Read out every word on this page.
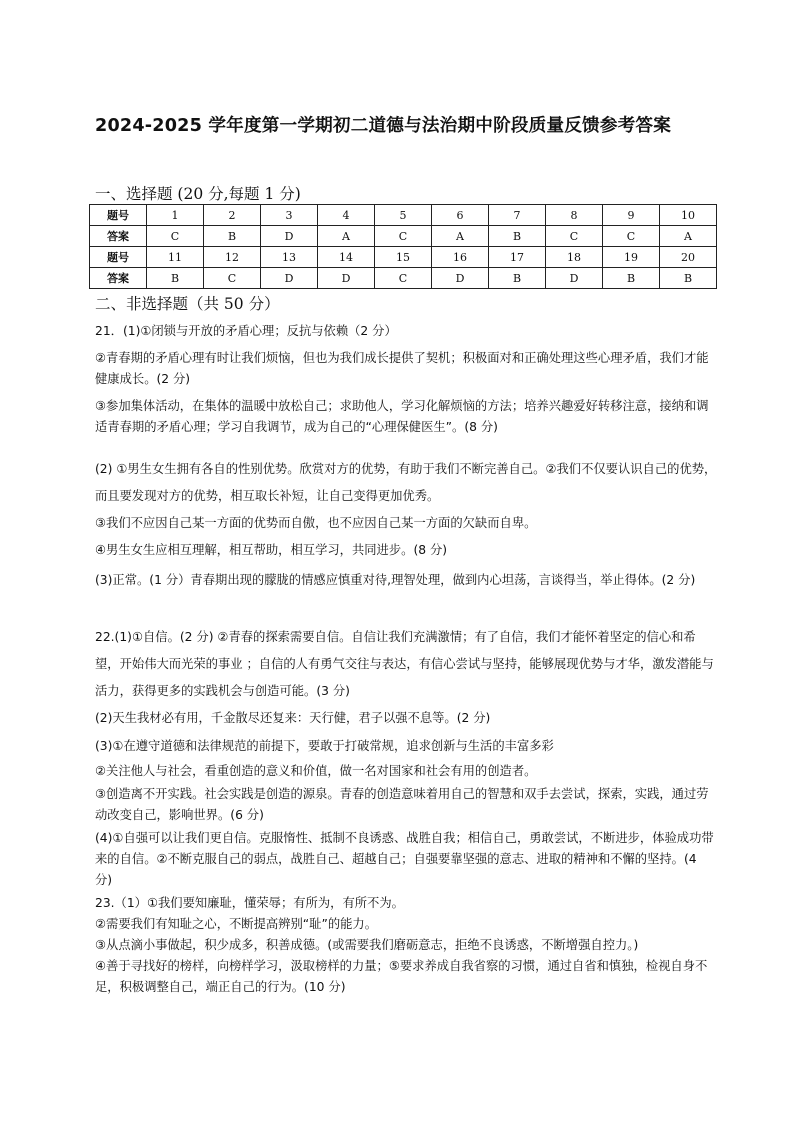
2024-2025 学年度第一学期初二道德与法治期中阶段质量反馈参考答案
一、选择题 (20 分,每题 1 分)
题号	1	2	3	4	5	6	7	8	9	10
答案	C	B	D	A	C	A	B	C	C	A
题号	11	12	13	14	15	16	17	18	19	20
答案	B	C	D	D	C	D	B	D	B	B
二、非选择题（共 50 分）

21．(1)①闭锁与开放的矛盾心理；反抗与依赖（2 分）

②青春期的矛盾心理有时让我们烦恼，但也为我们成长提供了契机；积极面对和正确处理这些心理矛盾，我们才能健康成长。(2 分)

③参加集体活动，在集体的温暖中放松自己；求助他人，学习化解烦恼的方法；培养兴趣爱好转移注意，接纳和调适青春期的矛盾心理；学习自我调节，成为自己的“心理保健医生”。(8 分)

(2) ①男生女生拥有各自的性别优势。欣赏对方的优势，有助于我们不断完善自己。②我们不仅要认识自己的优势，而且要发现对方的优势，相互取长补短，让自己变得更加优秀。

③我们不应因自己某一方面的优势而自傲，也不应因自己某一方面的欠缺而自卑。

④男生女生应相互理解，相互帮助，相互学习，共同进步。(8 分)

(3)正常。(1 分）青春期出现的朦胧的情感应慎重对待,理智处理，做到内心坦荡，言谈得当，举止得体。(2 分)

22.(1)①自信。(2 分) ②青春的探索需要自信。自信让我们充满激情；有了自信，我们才能怀着坚定的信心和希望，开始伟大而光荣的事业 ；自信的人有勇气交往与表达，有信心尝试与坚持，能够展现优势与才华，激发潜能与活力，获得更多的实践机会与创造可能。(3 分)

(2)天生我材必有用，千金散尽还复来：天行健，君子以强不息等。(2 分)

(3)①在遵守道德和法律规范的前提下，要敢于打破常规，追求创新与生活的丰富多彩

②关注他人与社会，看重创造的意义和价值，做一名对国家和社会有用的创造者。

③创造离不开实践。社会实践是创造的源泉。青春的创造意味着用自己的智慧和双手去尝试，探索，实践，通过劳动改变自己，影响世界。(6 分)

(4)①自强可以让我们更自信。克服惰性、抵制不良诱惑、战胜自我；相信自己，勇敢尝试，不断进步，体验成功带来的自信。②不断克服自己的弱点，战胜自己、超越自己；自强要靠坚强的意志、进取的精神和不懈的坚持。(4 分)

23.（1）①我们要知廉耻，懂荣辱；有所为，有所不为。

②需要我们有知耻之心，不断提高辨别“耻”的能力。

③从点滴小事做起，积少成多，积善成德。(或需要我们磨砺意志，拒绝不良诱惑，不断增强自控力。)

④善于寻找好的榜样，向榜样学习，汲取榜样的力量；⑤要求养成自我省察的习惯，通过自省和慎独，检视自身不足，积极调整自己，端正自己的行为。(10 分)
